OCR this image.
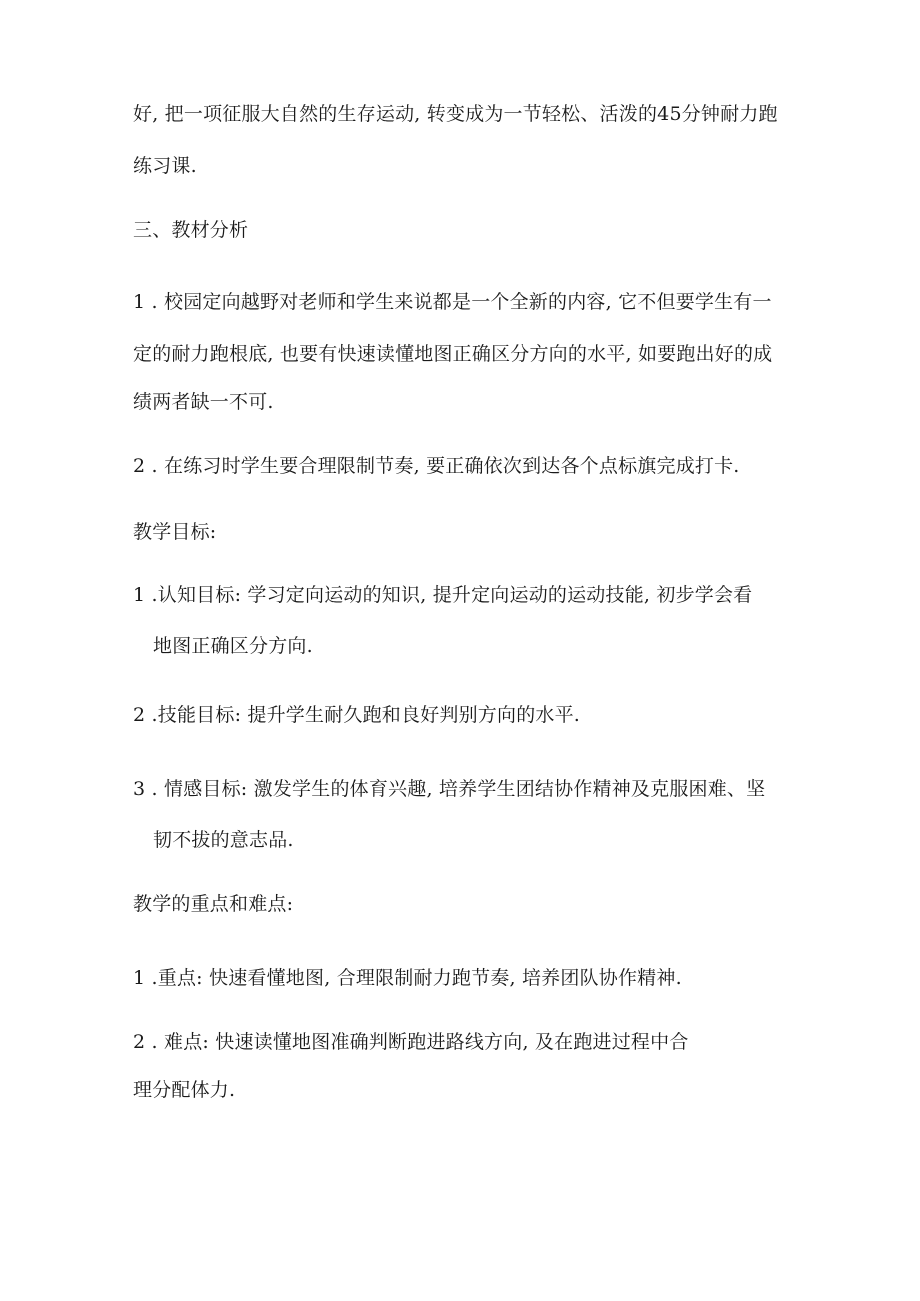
好, 把一项征服大自然的生存运动, 转变成为一节轻松、活泼的45分钟耐力跑
练习课.
三、教材分析
1 . 校园定向越野对老师和学生来说都是一个全新的内容, 它不但要学生有一
定的耐力跑根底, 也要有快速读懂地图正确区分方向的水平, 如要跑出好的成
绩两者缺一不可.
2 . 在练习时学生要合理限制节奏, 要正确依次到达各个点标旗完成打卡.
教学目标:
1 .认知目标: 学习定向运动的知识, 提升定向运动的运动技能, 初步学会看
地图正确区分方向.
2 .技能目标: 提升学生耐久跑和良好判别方向的水平.
3 . 情感目标: 激发学生的体育兴趣, 培养学生团结协作精神及克服困难、坚
韧不拔的意志品.
教学的重点和难点:
1 .重点: 快速看懂地图, 合理限制耐力跑节奏, 培养团队协作精神.
2 . 难点: 快速读懂地图准确判断跑进路线方向, 及在跑进过程中合
理分配体力.
